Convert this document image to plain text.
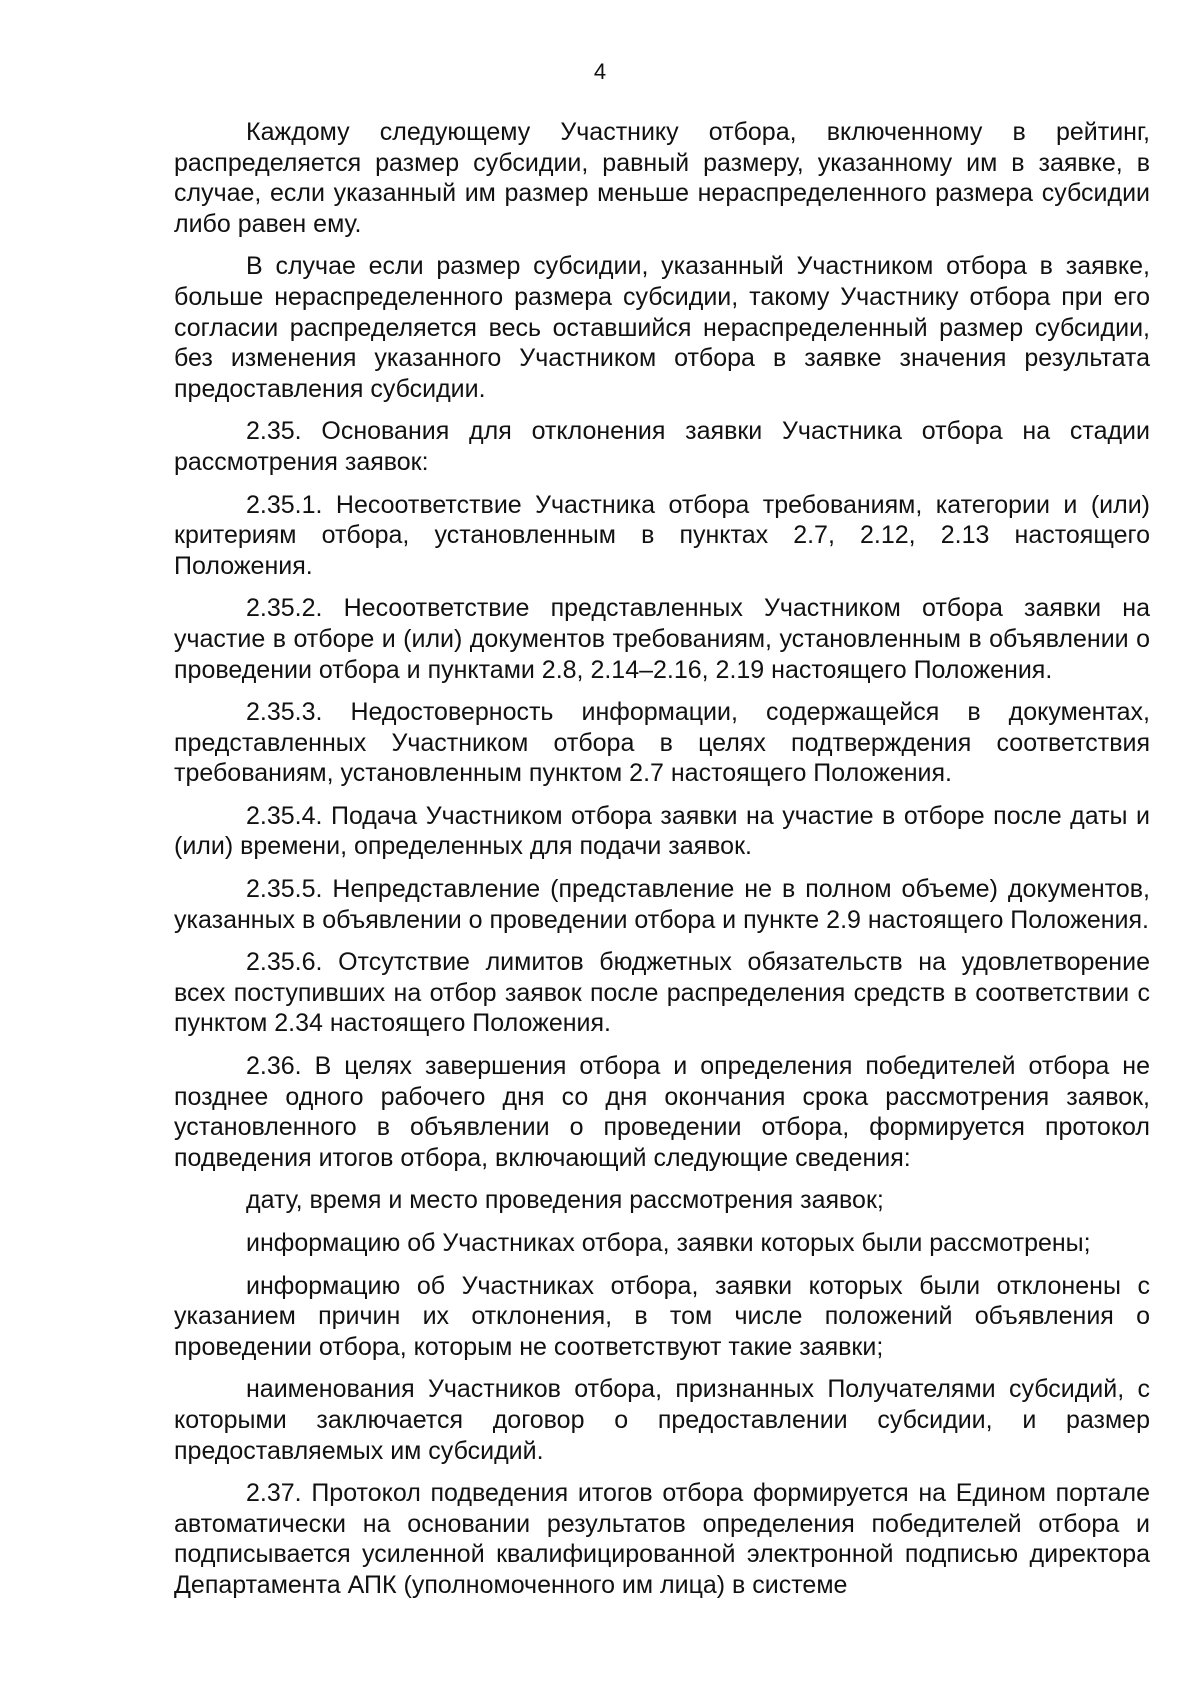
4

Каждому следующему Участнику отбора, включенному в рейтинг, распределяется размер субсидии, равный размеру, указанному им в заявке, в случае, если указанный им размер меньше нераспределенного размера субсидии либо равен ему.

В случае если размер субсидии, указанный Участником отбора в заявке, больше нераспределенного размера субсидии, такому Участнику отбора при его согласии распределяется весь оставшийся нераспределенный размер субсидии, без изменения указанного Участником отбора в заявке значения результата предоставления субсидии.

2.35. Основания для отклонения заявки Участника отбора на стадии рассмотрения заявок:

2.35.1. Несоответствие Участника отбора требованиям, категории и (или) критериям отбора, установленным в пунктах 2.7, 2.12, 2.13 настоящего Положения.

2.35.2. Несоответствие представленных Участником отбора заявки на участие в отборе и (или) документов требованиям, установленным в объявлении о проведении отбора и пунктами 2.8, 2.14–2.16, 2.19 настоящего Положения.

2.35.3. Недостоверность информации, содержащейся в документах, представленных Участником отбора в целях подтверждения соответствия требованиям, установленным пунктом 2.7 настоящего Положения.

2.35.4. Подача Участником отбора заявки на участие в отборе после даты и (или) времени, определенных для подачи заявок.

2.35.5. Непредставление (представление не в полном объеме) документов, указанных в объявлении о проведении отбора и пункте 2.9 настоящего Положения.

2.35.6. Отсутствие лимитов бюджетных обязательств на удовлетворение всех поступивших на отбор заявок после распределения средств в соответствии с пунктом 2.34 настоящего Положения.

2.36. В целях завершения отбора и определения победителей отбора не позднее одного рабочего дня со дня окончания срока рассмотрения заявок, установленного в объявлении о проведении отбора, формируется протокол подведения итогов отбора, включающий следующие сведения:

дату, время и место проведения рассмотрения заявок;

информацию об Участниках отбора, заявки которых были рассмотрены;

информацию об Участниках отбора, заявки которых были отклонены с указанием причин их отклонения, в том числе положений объявления о проведении отбора, которым не соответствуют такие заявки;

наименования Участников отбора, признанных Получателями субсидий, с которыми заключается договор о предоставлении субсидии, и размер предоставляемых им субсидий.

2.37. Протокол подведения итогов отбора формируется на Едином портале автоматически на основании результатов определения победителей отбора и подписывается усиленной квалифицированной электронной подписью директора Департамента АПК (уполномоченного им лица) в системе
